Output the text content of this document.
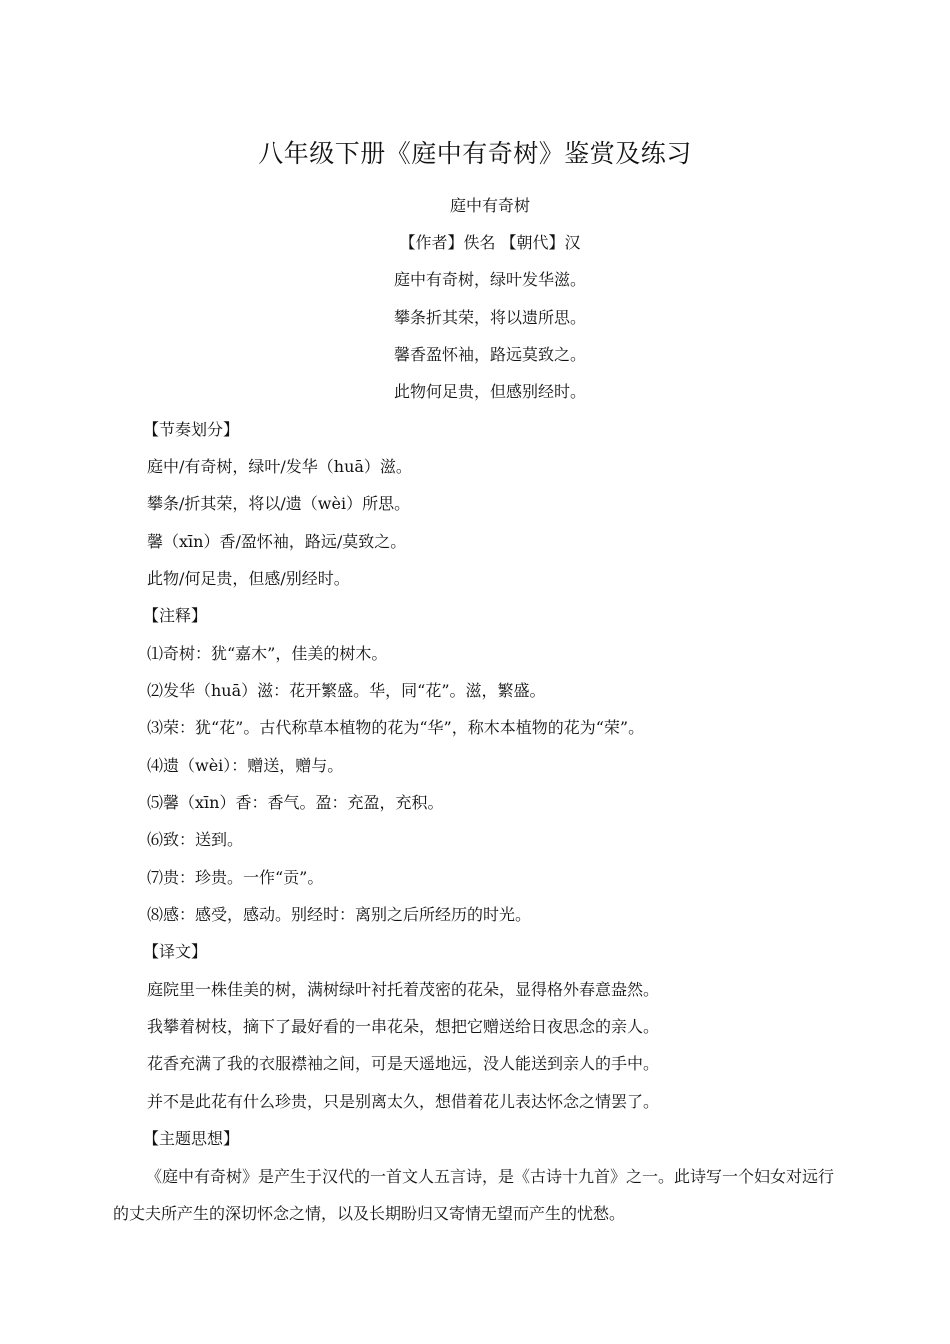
八年级下册《庭中有奇树》鉴赏及练习
庭中有奇树
【作者】佚名 【朝代】汉
庭中有奇树，绿叶发华滋。
攀条折其荣，将以遗所思。
馨香盈怀袖，路远莫致之。
此物何足贵，但感别经时。
【节奏划分】
庭中/有奇树，绿叶/发华（huā）滋。
攀条/折其荣，将以/遗（wèi）所思。
馨（xīn）香/盈怀袖，路远/莫致之。
此物/何足贵，但感/别经时。
【注释】
⑴奇树：犹“嘉木”，佳美的树木。
⑵发华（huā）滋：花开繁盛。华，同“花”。滋，繁盛。
⑶荣：犹“花”。古代称草本植物的花为“华”，称木本植物的花为“荣”。
⑷遗（wèi）：赠送，赠与。
⑸馨（xīn）香：香气。盈：充盈，充积。
⑹致：送到。
⑺贵：珍贵。一作“贡”。
⑻感：感受，感动。别经时：离别之后所经历的时光。
【译文】
庭院里一株佳美的树，满树绿叶衬托着茂密的花朵，显得格外春意盎然。
我攀着树枝，摘下了最好看的一串花朵，想把它赠送给日夜思念的亲人。
花香充满了我的衣服襟袖之间，可是天遥地远，没人能送到亲人的手中。
并不是此花有什么珍贵，只是别离太久，想借着花儿表达怀念之情罢了。
【主题思想】
《庭中有奇树》是产生于汉代的一首文人五言诗，是《古诗十九首》之一。此诗写一个妇女对远行的丈夫所产生的深切怀念之情，以及长期盼归又寄情无望而产生的忧愁。
